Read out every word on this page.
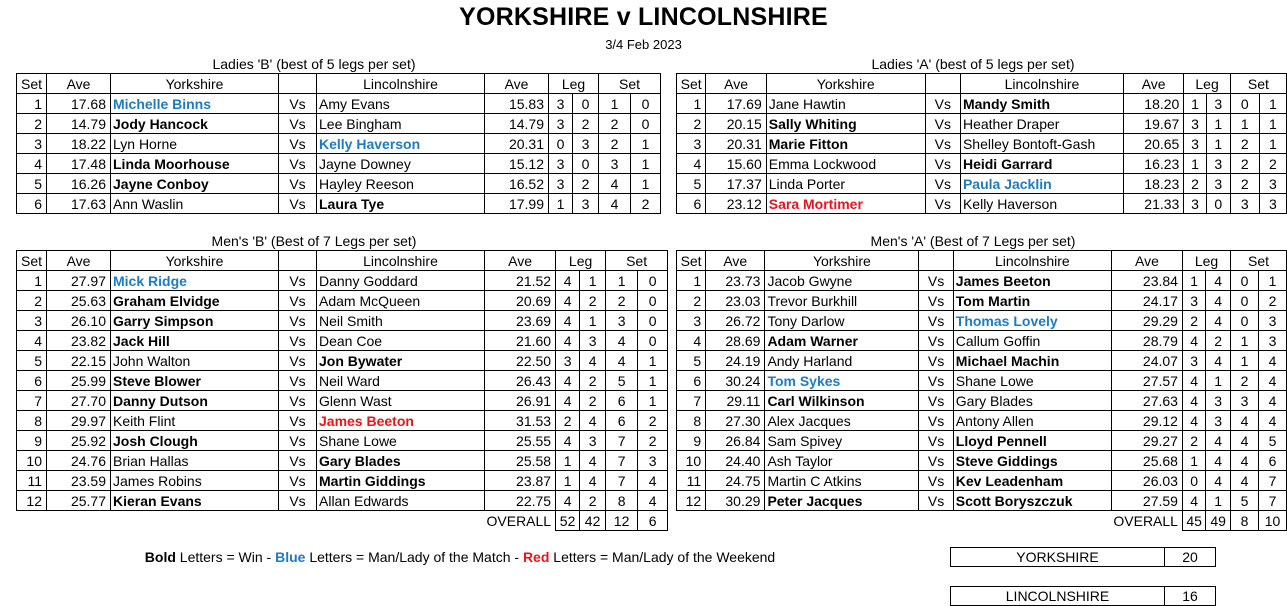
YORKSHIRE v LINCOLNSHIRE
3/4 Feb 2023
Ladies 'B' (best of 5 legs per set)	Ladies 'A' (best of 5 legs per set)
Men's 'B' (Best of 7 Legs per set)	Men's 'A' (Best of 7 Legs per set)
Set	Ave	Yorkshire		Lincolnshire	Ave	Leg		Set	
1	17.68	Michelle Binns	Vs	Amy Evans	15.83	3	0	1	0
2	14.79	Jody Hancock	Vs	Lee Bingham	14.79	3	2	2	0
3	18.22	Lyn Horne	Vs	Kelly Haverson	20.31	0	3	2	1
4	17.48	Linda Moorhouse	Vs	Jayne Downey	15.12	3	0	3	1
5	16.26	Jayne Conboy	Vs	Hayley Reeson	16.52	3	2	4	1
6	17.63	Ann Waslin	Vs	Laura Tye	17.99	1	3	4	2
Set	Ave	Yorkshire		Lincolnshire	Ave	Leg		Set	
1	17.69	Jane Hawtin	Vs	Mandy Smith	18.20	1	3	0	1
2	20.15	Sally Whiting	Vs	Heather Draper	19.67	3	1	1	1
3	20.31	Marie Fitton	Vs	Shelley Bontoft-Gash	20.65	3	1	2	1
4	15.60	Emma Lockwood	Vs	Heidi Garrard	16.23	1	3	2	2
5	17.37	Linda Porter	Vs	Paula Jacklin	18.23	2	3	2	3
6	23.12	Sara Mortimer	Vs	Kelly Haverson	21.33	3	0	3	3
Set	Ave	Yorkshire		Lincolnshire	Ave	Leg		Set	
1	27.97	Mick Ridge	Vs	Danny Goddard	21.52	4	1	1	0
2	25.63	Graham Elvidge	Vs	Adam McQueen	20.69	4	2	2	0
3	26.10	Garry Simpson	Vs	Neil Smith	23.69	4	1	3	0
4	23.82	Jack Hill	Vs	Dean Coe	21.60	4	3	4	0
5	22.15	John Walton	Vs	Jon Bywater	22.50	3	4	4	1
6	25.99	Steve Blower	Vs	Neil Ward	26.43	4	2	5	1
7	27.70	Danny Dutson	Vs	Glenn Wast	26.91	4	2	6	1
8	29.97	Keith Flint	Vs	James Beeton	31.53	2	4	6	2
9	25.92	Josh Clough	Vs	Shane Lowe	25.55	4	3	7	2
10	24.76	Brian Hallas	Vs	Gary Blades	25.58	1	4	7	3
11	23.59	James Robins	Vs	Martin Giddings	23.87	1	4	7	4
12	25.77	Kieran Evans	Vs	Allan Edwards	22.75	4	2	8	4
					OVERALL	52	42	12	6
Set	Ave	Yorkshire		Lincolnshire	Ave	Leg		Set	
1	23.73	Jacob Gwyne	Vs	James Beeton	23.84	1	4	0	1
2	23.03	Trevor Burkhill	Vs	Tom Martin	24.17	3	4	0	2
3	26.72	Tony Darlow	Vs	Thomas Lovely	29.29	2	4	0	3
4	28.69	Adam Warner	Vs	Callum Goffin	28.79	4	2	1	3
5	24.19	Andy Harland	Vs	Michael Machin	24.07	3	4	1	4
6	30.24	Tom Sykes	Vs	Shane Lowe	27.57	4	1	2	4
7	29.11	Carl Wilkinson	Vs	Gary Blades	27.63	4	3	3	4
8	27.30	Alex Jacques	Vs	Antony Allen	29.12	4	3	4	4
9	26.84	Sam Spivey	Vs	Lloyd Pennell	29.27	2	4	4	5
10	24.40	Ash Taylor	Vs	Steve Giddings	25.68	1	4	4	6
11	24.75	Martin C Atkins	Vs	Kev Leadenham	26.03	0	4	4	7
12	30.29	Peter Jacques	Vs	Scott Boryszczuk	27.59	4	1	5	7
					OVERALL	45	49	8	10
Bold Letters = Win - Blue Letters = Man/Lady of the Match - Red Letters = Man/Lady of the Weekend	YORKSHIRE	20
LINCOLNSHIRE	16
